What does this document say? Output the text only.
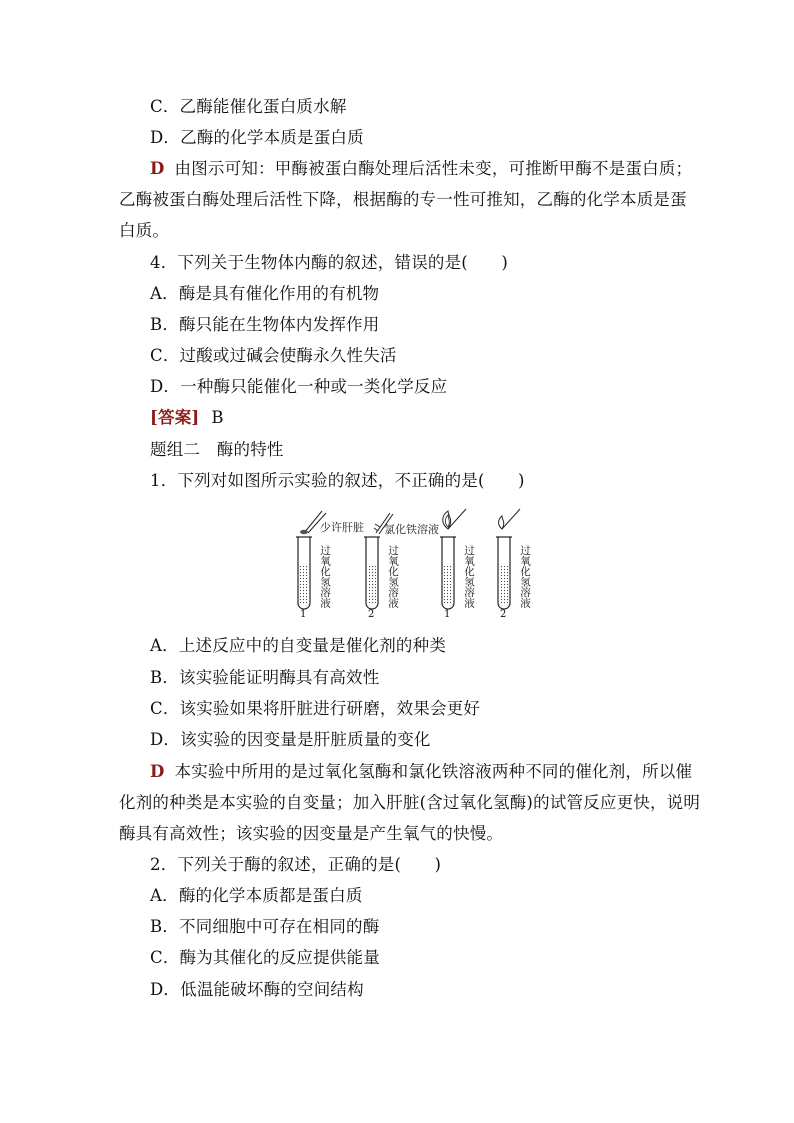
C．乙酶能催化蛋白质水解
D．乙酶的化学本质是蛋白质
D 由图示可知：甲酶被蛋白酶处理后活性未变，可推断甲酶不是蛋白质；
乙酶被蛋白酶处理后活性下降，根据酶的专一性可推知，乙酶的化学本质是蛋
白质。
4．下列关于生物体内酶的叙述，错误的是(　　)
A．酶是具有催化作用的有机物
B．酶只能在生物体内发挥作用
C．过酸或过碱会使酶永久性失活
D．一种酶只能催化一种或一类化学反应
[答案] B
题组二　酶的特性
1．下列对如图所示实验的叙述，不正确的是(　　)
少许肝脏 氯化铁溶液
过氧化氢溶液	过氧化氢溶液	过氧化氢溶液	过氧化氢溶液
1	2	1	2
A．上述反应中的自变量是催化剂的种类
B．该实验能证明酶具有高效性
C．该实验如果将肝脏进行研磨，效果会更好
D．该实验的因变量是肝脏质量的变化
D 本实验中所用的是过氧化氢酶和氯化铁溶液两种不同的催化剂，所以催
化剂的种类是本实验的自变量；加入肝脏(含过氧化氢酶)的试管反应更快，说明
酶具有高效性；该实验的因变量是产生氧气的快慢。
2．下列关于酶的叙述，正确的是(　　)
A．酶的化学本质都是蛋白质
B．不同细胞中可存在相同的酶
C．酶为其催化的反应提供能量
D．低温能破坏酶的空间结构
